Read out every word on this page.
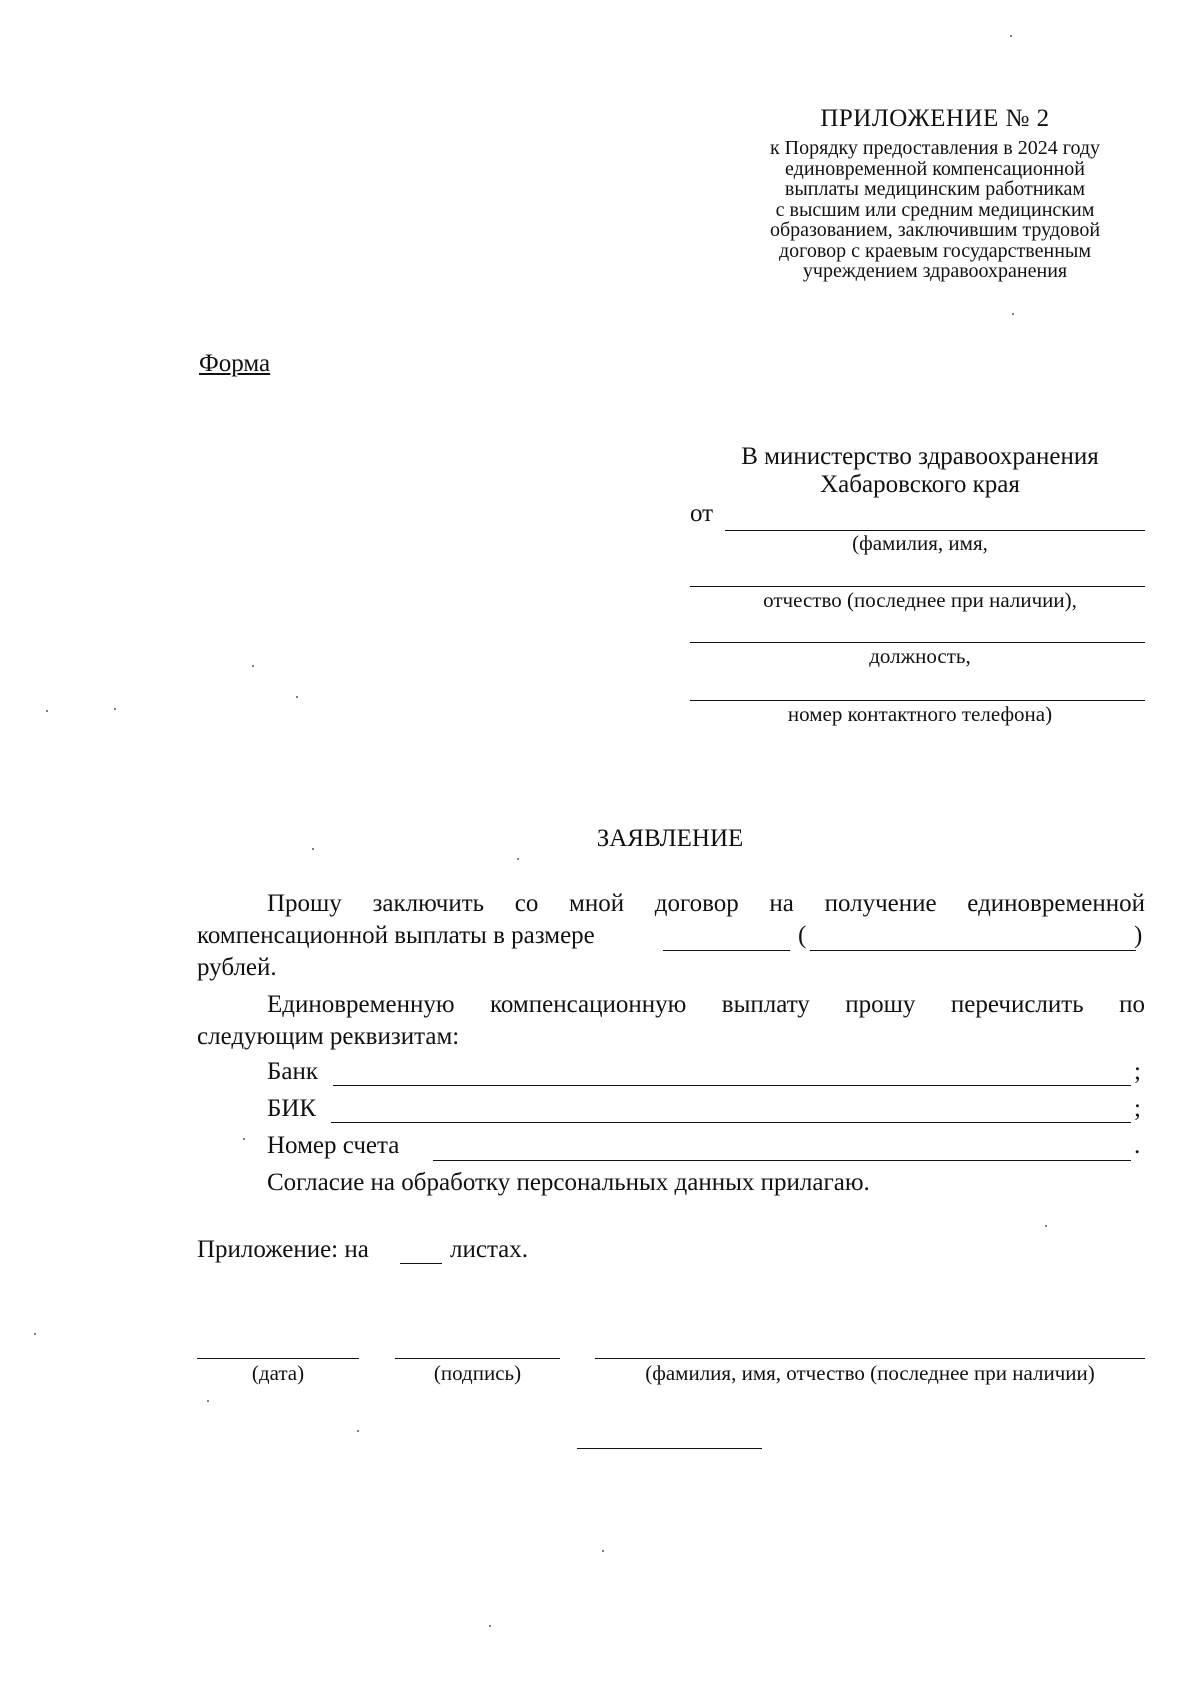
ПРИЛОЖЕНИЕ № 2
к Порядку предоставления в 2024 году
единовременной компенсационной
выплаты медицинским работникам
с высшим или средним медицинским
образованием, заключившим трудовой
договор с краевым государственным
учреждением здравоохранения
Форма
В министерство здравоохранения
Хабаровского края
от
(фамилия, имя,
отчество (последнее при наличии),
должность,
номер контактного телефона)
ЗАЯВЛЕНИЕ
Прошу заключить со мной договор на получение единовременной
компенсационной выплаты в размере	(	)
рублей.
Единовременную компенсационную выплату прошу перечислить по
следующим реквизитам:
Банк	;
БИК	;
Номер счета	.
Согласие на обработку персональных данных прилагаю.
Приложение: на	листах.
(дата)	(подпись)	(фамилия, имя, отчество (последнее при наличии)
